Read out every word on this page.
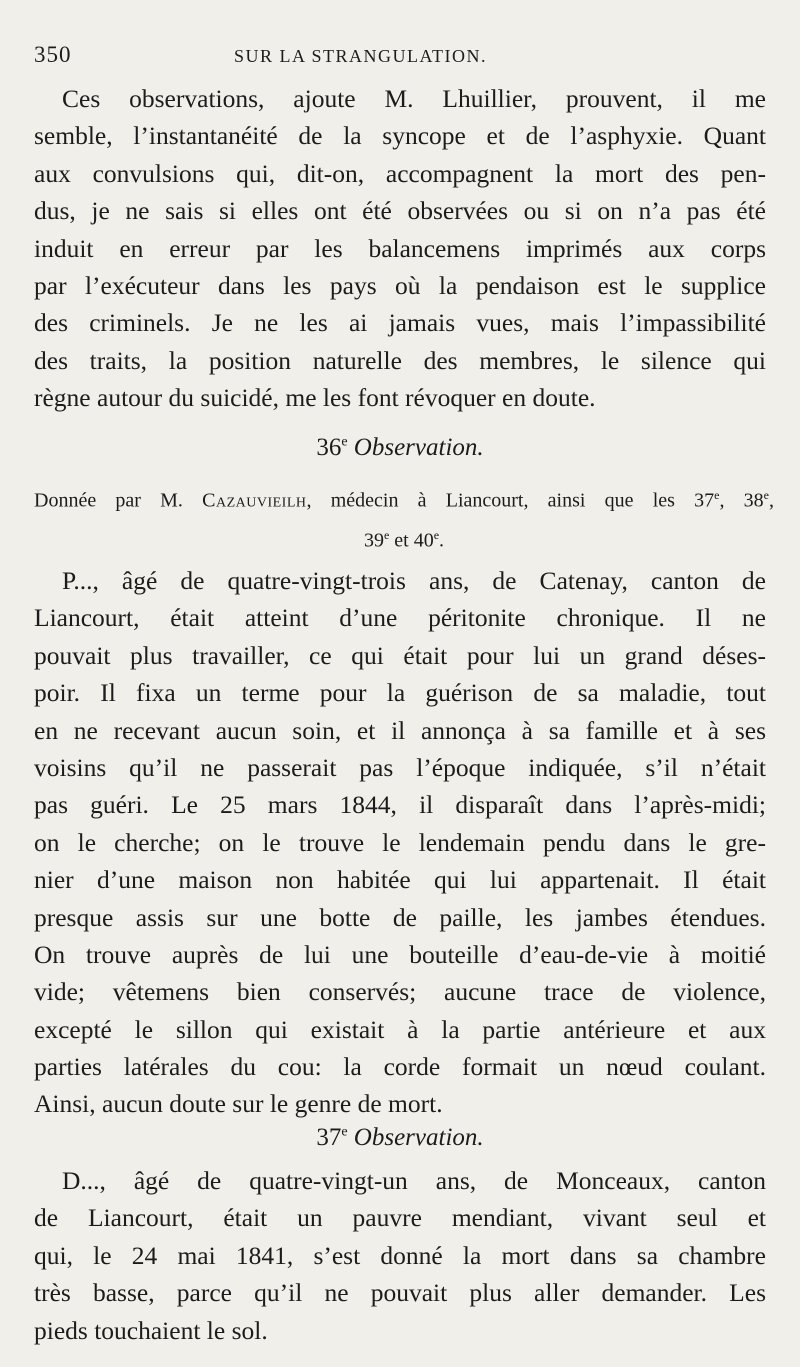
350	SUR LA STRANGULATION.
Ces observations, ajoute M. Lhuillier, prouvent, il me
semble, l’instantanéité de la syncope et de l’asphyxie. Quant
aux convulsions qui, dit-on, accompagnent la mort des pen-
dus, je ne sais si elles ont été observées ou si on n’a pas été
induit en erreur par les balancemens imprimés aux corps
par l’exécuteur dans les pays où la pendaison est le supplice
des criminels. Je ne les ai jamais vues, mais l’impassibilité
des traits, la position naturelle des membres, le silence qui
règne autour du suicidé, me les font révoquer en doute.
36e Observation.
Donnée par M. Cazauvieilh, médecin à Liancourt, ainsi que les 37e, 38e,
39e et 40e.
P..., âgé de quatre-vingt-trois ans, de Catenay, canton de
Liancourt, était atteint d’une péritonite chronique. Il ne
pouvait plus travailler, ce qui était pour lui un grand déses-
poir. Il fixa un terme pour la guérison de sa maladie, tout
en ne recevant aucun soin, et il annonça à sa famille et à ses
voisins qu’il ne passerait pas l’époque indiquée, s’il n’était
pas guéri. Le 25 mars 1844, il disparaît dans l’après-midi;
on le cherche; on le trouve le lendemain pendu dans le gre-
nier d’une maison non habitée qui lui appartenait. Il était
presque assis sur une botte de paille, les jambes étendues.
On trouve auprès de lui une bouteille d’eau-de-vie à moitié
vide; vêtemens bien conservés; aucune trace de violence,
excepté le sillon qui existait à la partie antérieure et aux
parties latérales du cou: la corde formait un nœud coulant.
Ainsi, aucun doute sur le genre de mort.
37e Observation.
D..., âgé de quatre-vingt-un ans, de Monceaux, canton
de Liancourt, était un pauvre mendiant, vivant seul et
qui, le 24 mai 1841, s’est donné la mort dans sa chambre
très basse, parce qu’il ne pouvait plus aller demander. Les
pieds touchaient le sol.
